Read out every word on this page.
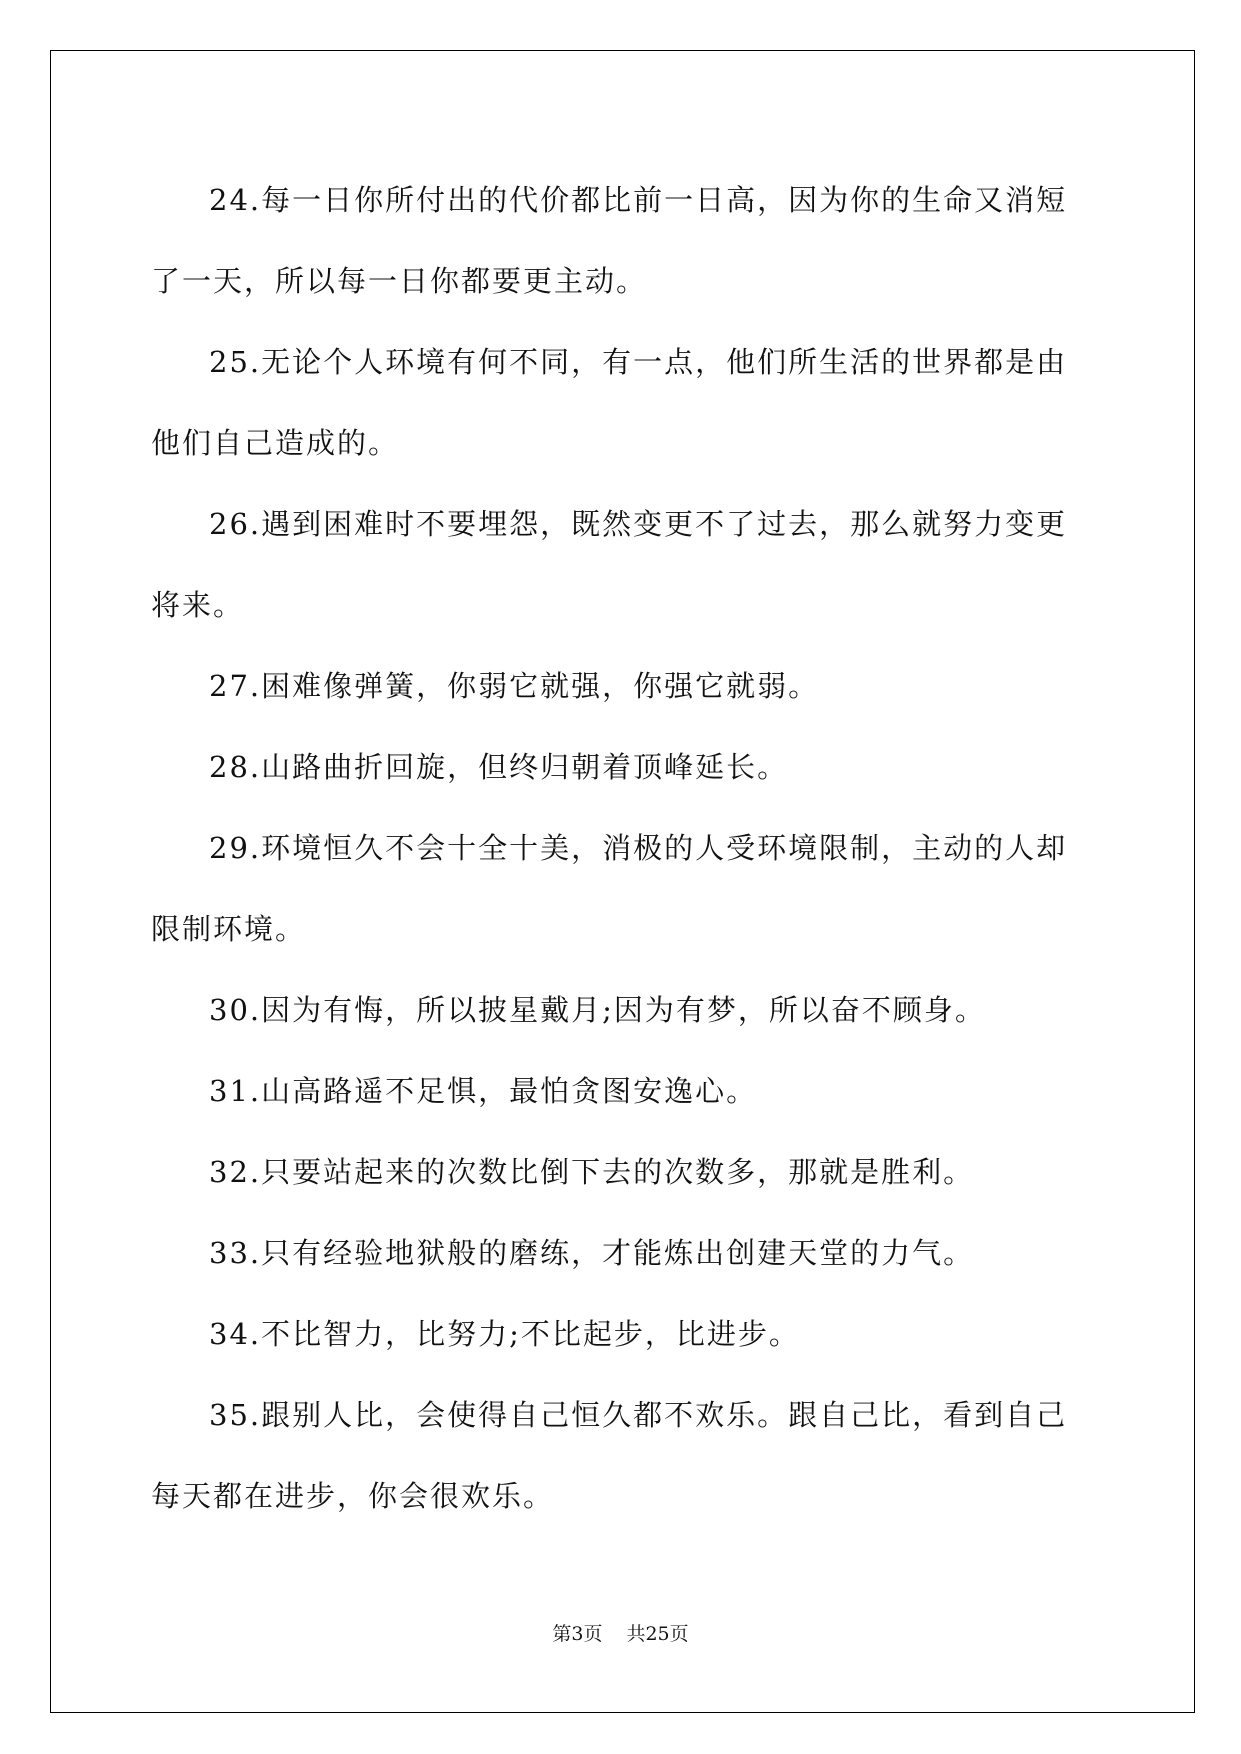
24.每一日你所付出的代价都比前一日高，因为你的生命又消短了一天，所以每一日你都要更主动。

25.无论个人环境有何不同，有一点，他们所生活的世界都是由他们自己造成的。

26.遇到困难时不要埋怨，既然变更不了过去，那么就努力变更将来。

27.困难像弹簧，你弱它就强，你强它就弱。

28.山路曲折回旋，但终归朝着顶峰延长。

29.环境恒久不会十全十美，消极的人受环境限制，主动的人却限制环境。

30.因为有悔，所以披星戴月;因为有梦，所以奋不顾身。

31.山高路遥不足惧，最怕贪图安逸心。

32.只要站起来的次数比倒下去的次数多，那就是胜利。

33.只有经验地狱般的磨练，才能炼出创建天堂的力气。

34.不比智力，比努力;不比起步，比进步。

35.跟别人比，会使得自己恒久都不欢乐。跟自己比，看到自己每天都在进步，你会很欢乐。

第3页 共25页
